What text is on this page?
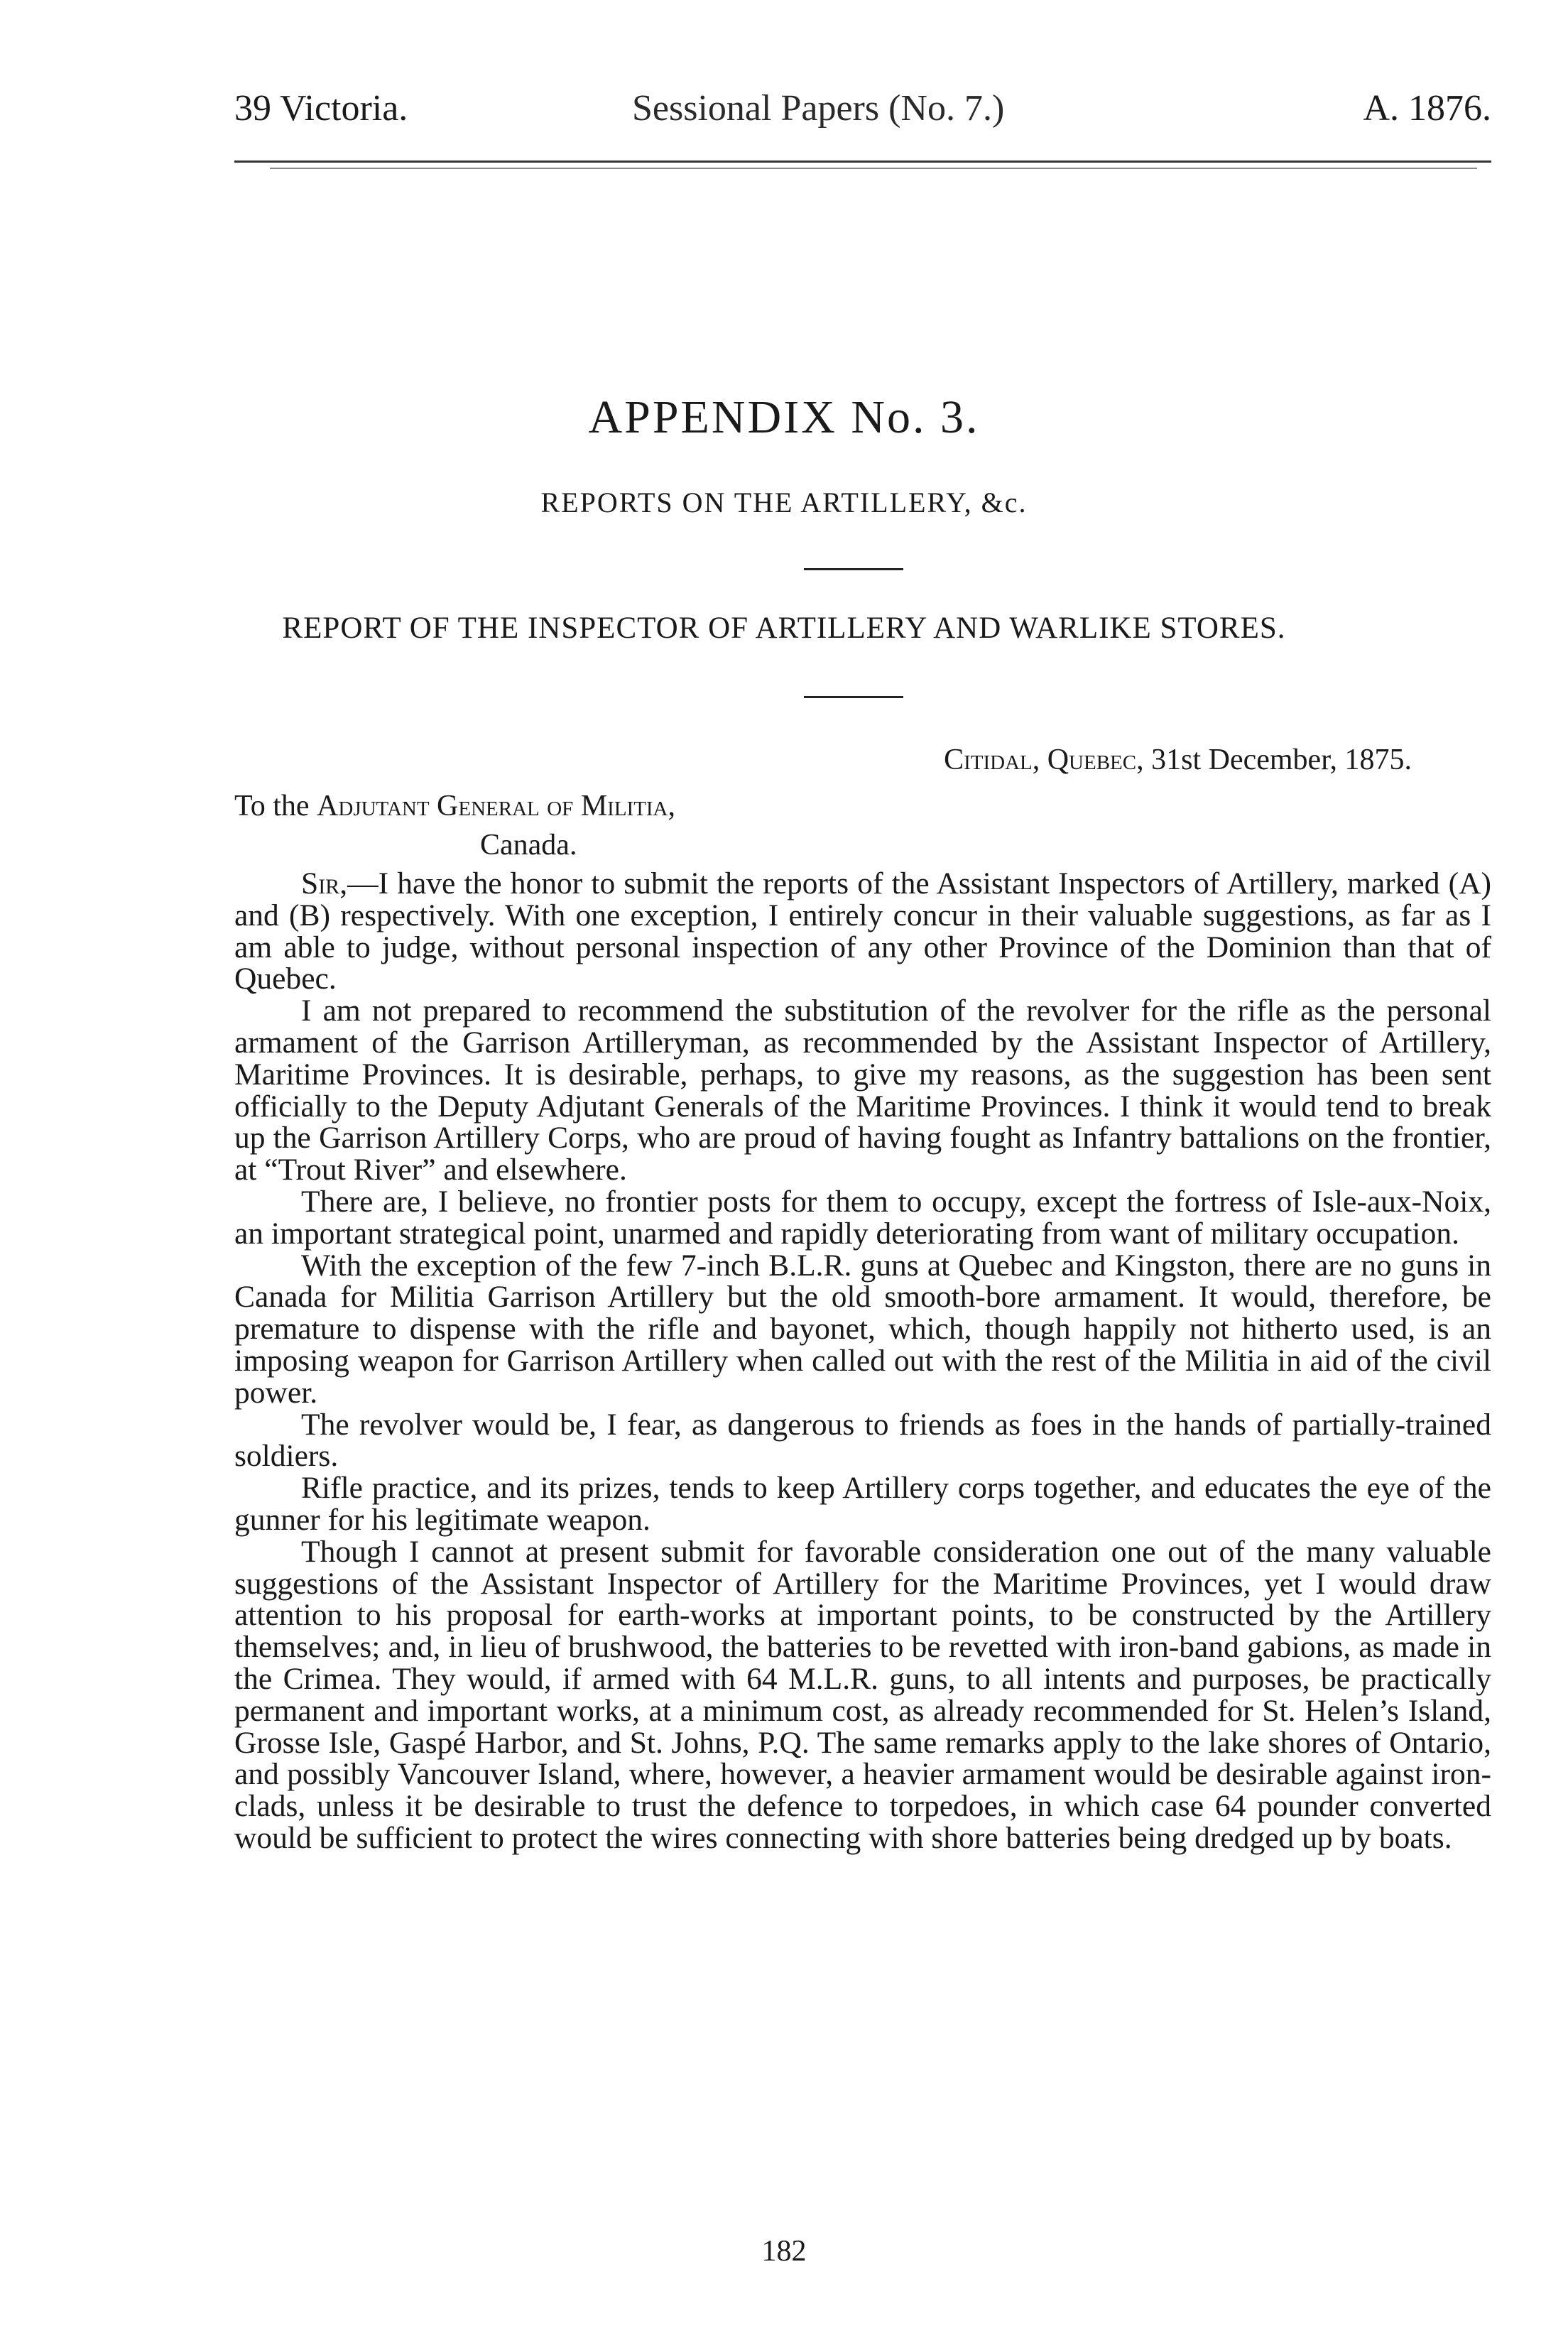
39 Victoria.	Sessional Papers (No. 7.)	A. 1876.
APPENDIX No. 3.
REPORTS ON THE ARTILLERY, &c.
REPORT OF THE INSPECTOR OF ARTILLERY AND WARLIKE STORES.
Citidal, Quebec, 31st December, 1875.
To the Adjutant General of Militia,
Canada.

Sir,—I have the honor to submit the reports of the Assistant Inspectors of Artillery, marked (A) and (B) respectively. With one exception, I entirely concur in their valuable suggestions, as far as I am able to judge, without personal inspection of any other Province of the Dominion than that of Quebec.

I am not prepared to recommend the substitution of the revolver for the rifle as the personal armament of the Garrison Artilleryman, as recommended by the Assistant Inspector of Artillery, Maritime Provinces. It is desirable, perhaps, to give my reasons, as the suggestion has been sent officially to the Deputy Adjutant Generals of the Maritime Provinces. I think it would tend to break up the Garrison Artillery Corps, who are proud of having fought as Infantry battalions on the frontier, at “Trout River” and elsewhere.

There are, I believe, no frontier posts for them to occupy, except the fortress of Isle-aux-Noix, an important strategical point, unarmed and rapidly deteriorating from want of military occupation.

With the exception of the few 7-inch B.L.R. guns at Quebec and Kingston, there are no guns in Canada for Militia Garrison Artillery but the old smooth-bore armament. It would, therefore, be premature to dispense with the rifle and bayonet, which, though happily not hitherto used, is an imposing weapon for Garrison Artillery when called out with the rest of the Militia in aid of the civil power.

The revolver would be, I fear, as dangerous to friends as foes in the hands of partially-trained soldiers.

Rifle practice, and its prizes, tends to keep Artillery corps together, and educates the eye of the gunner for his legitimate weapon.

Though I cannot at present submit for favorable consideration one out of the many valuable suggestions of the Assistant Inspector of Artillery for the Maritime Provinces, yet I would draw attention to his proposal for earth-works at important points, to be constructed by the Artillery themselves; and, in lieu of brushwood, the batteries to be revetted with iron-band gabions, as made in the Crimea. They would, if armed with 64 M.L.R. guns, to all intents and purposes, be practically permanent and important works, at a minimum cost, as already recommended for St. Helen’s Island, Grosse Isle, Gaspé Harbor, and St. Johns, P.Q. The same remarks apply to the lake shores of Ontario, and possibly Vancouver Island, where, however, a heavier armament would be desirable against iron-clads, unless it be desirable to trust the defence to torpedoes, in which case 64 pounder converted would be sufficient to protect the wires connecting with shore batteries being dredged up by boats.

182
